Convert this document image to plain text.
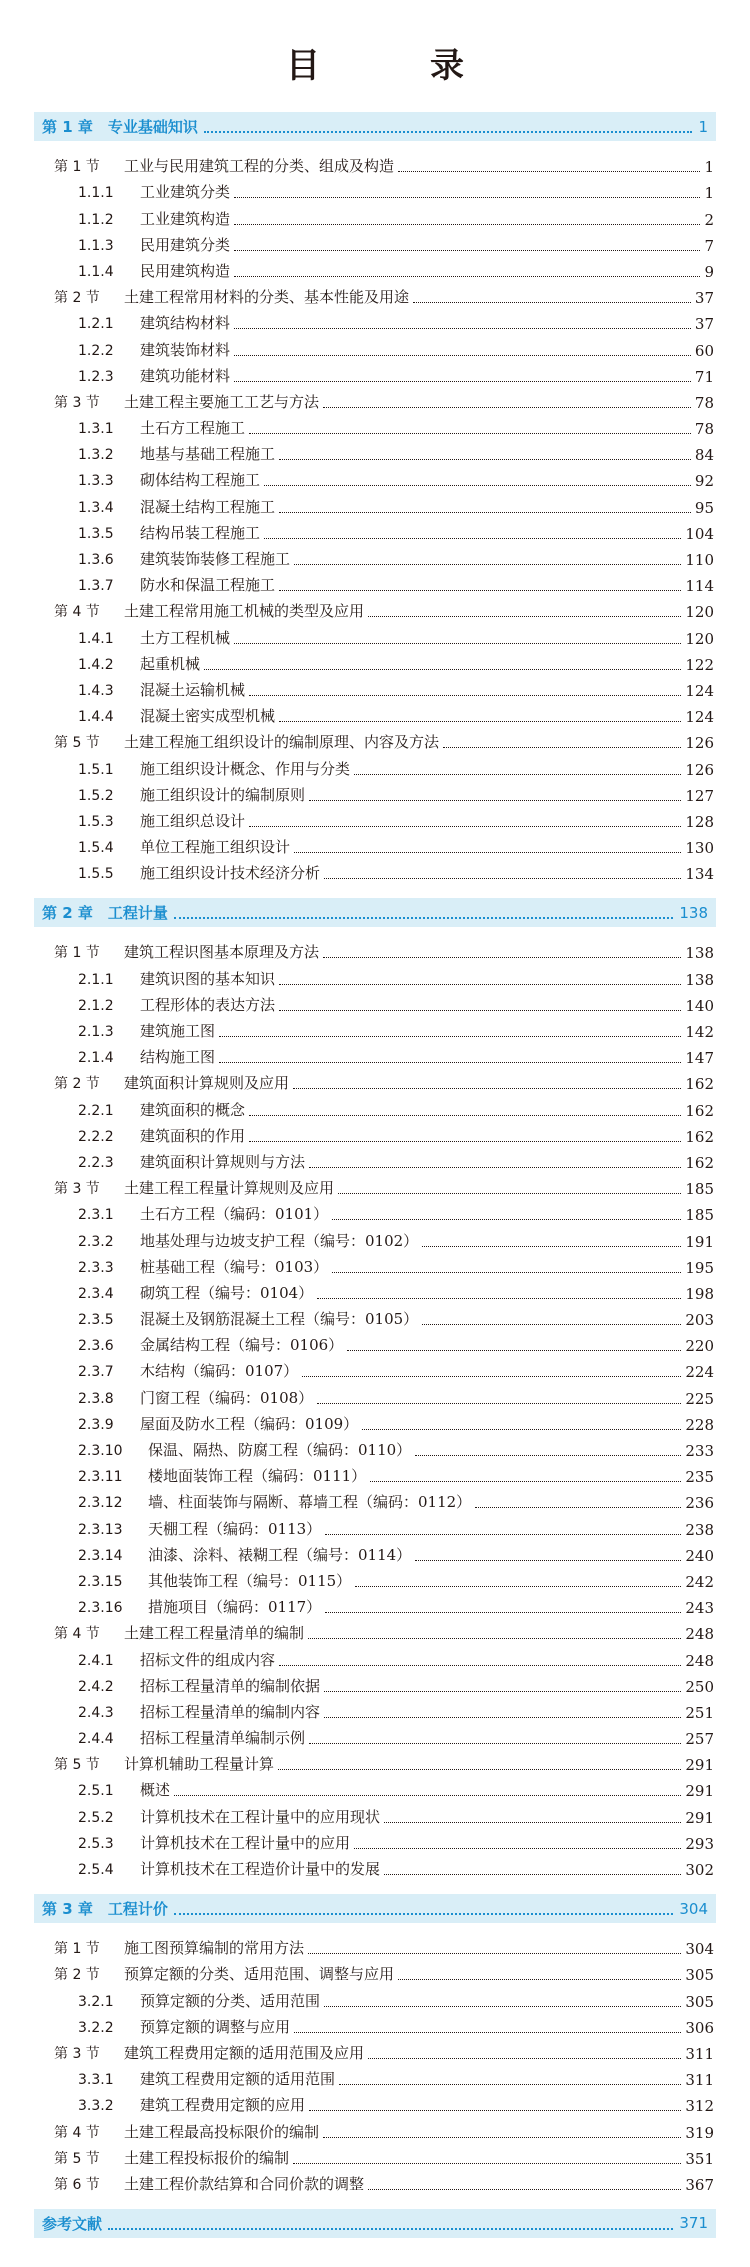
目　录
第 1 章　专业基础知识	1
第 1 节 工业与民用建筑工程的分类、组成及构造	1
1.1.1 工业建筑分类	1
1.1.2 工业建筑构造	2
1.1.3 民用建筑分类	7
1.1.4 民用建筑构造	9
第 2 节 土建工程常用材料的分类、基本性能及用途	37
1.2.1 建筑结构材料	37
1.2.2 建筑装饰材料	60
1.2.3 建筑功能材料	71
第 3 节 土建工程主要施工工艺与方法	78
1.3.1 土石方工程施工	78
1.3.2 地基与基础工程施工	84
1.3.3 砌体结构工程施工	92
1.3.4 混凝土结构工程施工	95
1.3.5 结构吊装工程施工	104
1.3.6 建筑装饰装修工程施工	110
1.3.7 防水和保温工程施工	114
第 4 节 土建工程常用施工机械的类型及应用	120
1.4.1 土方工程机械	120
1.4.2 起重机械	122
1.4.3 混凝土运输机械	124
1.4.4 混凝土密实成型机械	124
第 5 节 土建工程施工组织设计的编制原理、内容及方法	126
1.5.1 施工组织设计概念、作用与分类	126
1.5.2 施工组织设计的编制原则	127
1.5.3 施工组织总设计	128
1.5.4 单位工程施工组织设计	130
1.5.5 施工组织设计技术经济分析	134
第 2 章　工程计量	138
第 1 节 建筑工程识图基本原理及方法	138
2.1.1 建筑识图的基本知识	138
2.1.2 工程形体的表达方法	140
2.1.3 建筑施工图	142
2.1.4 结构施工图	147
第 2 节 建筑面积计算规则及应用	162
2.2.1 建筑面积的概念	162
2.2.2 建筑面积的作用	162
2.2.3 建筑面积计算规则与方法	162
第 3 节 土建工程工程量计算规则及应用	185
2.3.1 土石方工程（编码：0101）	185
2.3.2 地基处理与边坡支护工程（编号：0102）	191
2.3.3 桩基础工程（编号：0103）	195
2.3.4 砌筑工程（编号：0104）	198
2.3.5 混凝土及钢筋混凝土工程（编号：0105）	203
2.3.6 金属结构工程（编号：0106）	220
2.3.7 木结构（编码：0107）	224
2.3.8 门窗工程（编码：0108）	225
2.3.9 屋面及防水工程（编码：0109）	228
2.3.10 保温、隔热、防腐工程（编码：0110）	233
2.3.11 楼地面装饰工程（编码：0111）	235
2.3.12 墙、柱面装饰与隔断、幕墙工程（编码：0112）	236
2.3.13 天棚工程（编码：0113）	238
2.3.14 油漆、涂料、裱糊工程（编号：0114）	240
2.3.15 其他装饰工程（编号：0115）	242
2.3.16 措施项目（编码：0117）	243
第 4 节 土建工程工程量清单的编制	248
2.4.1 招标文件的组成内容	248
2.4.2 招标工程量清单的编制依据	250
2.4.3 招标工程量清单的编制内容	251
2.4.4 招标工程量清单编制示例	257
第 5 节 计算机辅助工程量计算	291
2.5.1 概述	291
2.5.2 计算机技术在工程计量中的应用现状	291
2.5.3 计算机技术在工程计量中的应用	293
2.5.4 计算机技术在工程造价计量中的发展	302
第 3 章　工程计价	304
第 1 节 施工图预算编制的常用方法	304
第 2 节 预算定额的分类、适用范围、调整与应用	305
3.2.1 预算定额的分类、适用范围	305
3.2.2 预算定额的调整与应用	306
第 3 节 建筑工程费用定额的适用范围及应用	311
3.3.1 建筑工程费用定额的适用范围	311
3.3.2 建筑工程费用定额的应用	312
第 4 节 土建工程最高投标限价的编制	319
第 5 节 土建工程投标报价的编制	351
第 6 节 土建工程价款结算和合同价款的调整	367
参考文献	371
